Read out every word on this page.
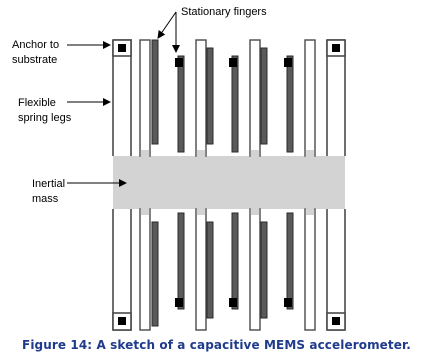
Stationary fingers
Anchor to
substrate
Flexible
spring legs
Inertial
mass
Figure 14: A sketch of a capacitive MEMS accelerometer.
